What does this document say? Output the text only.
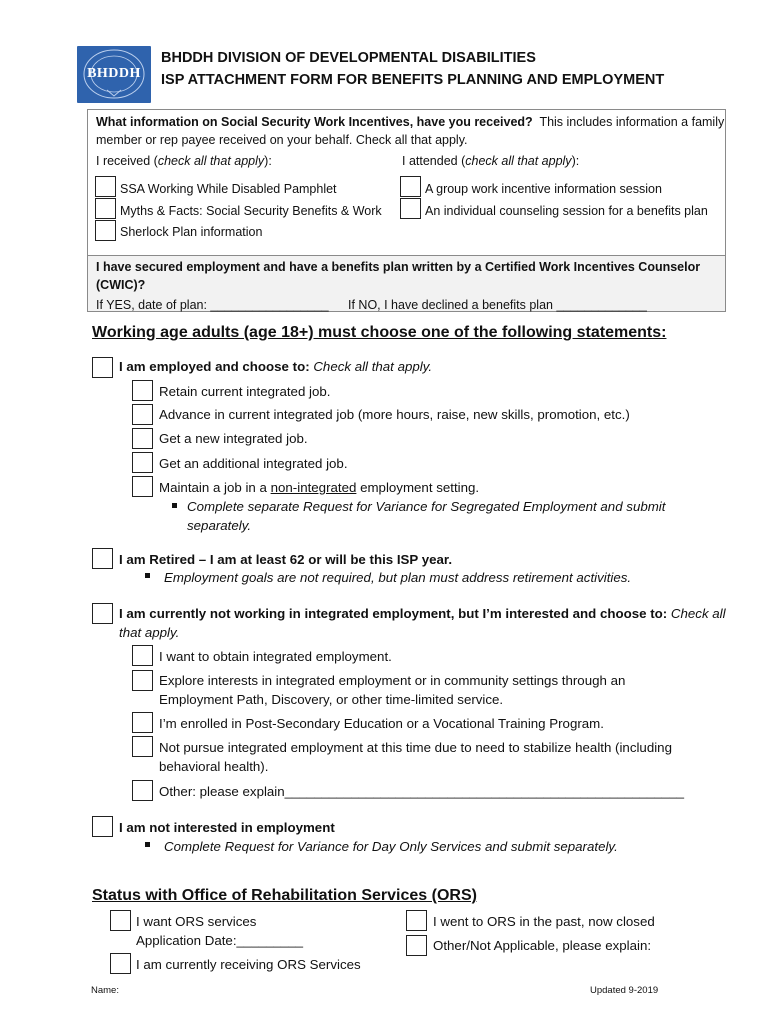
BHDDH
BHDDH DIVISION OF DEVELOPMENTAL DISABILITIES
ISP ATTACHMENT FORM FOR BENEFITS PLANNING AND EMPLOYMENT
What information on Social Security Work Incentives, have you received? This includes information a family
member or rep payee received on your behalf. Check all that apply.
I received (check all that apply):	I attended (check all that apply):
SSA Working While Disabled Pamphlet
Myths & Facts: Social Security Benefits & Work
Sherlock Plan information
A group work incentive information session
An individual counseling session for a benefits plan
I have secured employment and have a benefits plan written by a Certified Work Incentives Counselor
(CWIC)?
If YES, date of plan: _________________ If NO, I have declined a benefits plan _____________
Working age adults (age 18+) must choose one of the following statements:
I am employed and choose to: Check all that apply.
Retain current integrated job.
Advance in current integrated job (more hours, raise, new skills, promotion, etc.)
Get a new integrated job.
Get an additional integrated job.
Maintain a job in a non-integrated employment setting.
Complete separate Request for Variance for Segregated Employment and submit
separately.
I am Retired – I am at least 62 or will be this ISP year.
Employment goals are not required, but plan must address retirement activities.
I am currently not working in integrated employment, but I’m interested and choose to: Check all
that apply.
I want to obtain integrated employment.
Explore interests in integrated employment or in community settings through an
Employment Path, Discovery, or other time-limited service.
I’m enrolled in Post-Secondary Education or a Vocational Training Program.
Not pursue integrated employment at this time due to need to stabilize health (including
behavioral health).
Other: please explain______________________________________________________
I am not interested in employment
Complete Request for Variance for Day Only Services and submit separately.
Status with Office of Rehabilitation Services (ORS)
I want ORS services
Application Date:_________
I am currently receiving ORS Services
I went to ORS in the past, now closed
Other/Not Applicable, please explain:
Name:	Updated 9-2019
